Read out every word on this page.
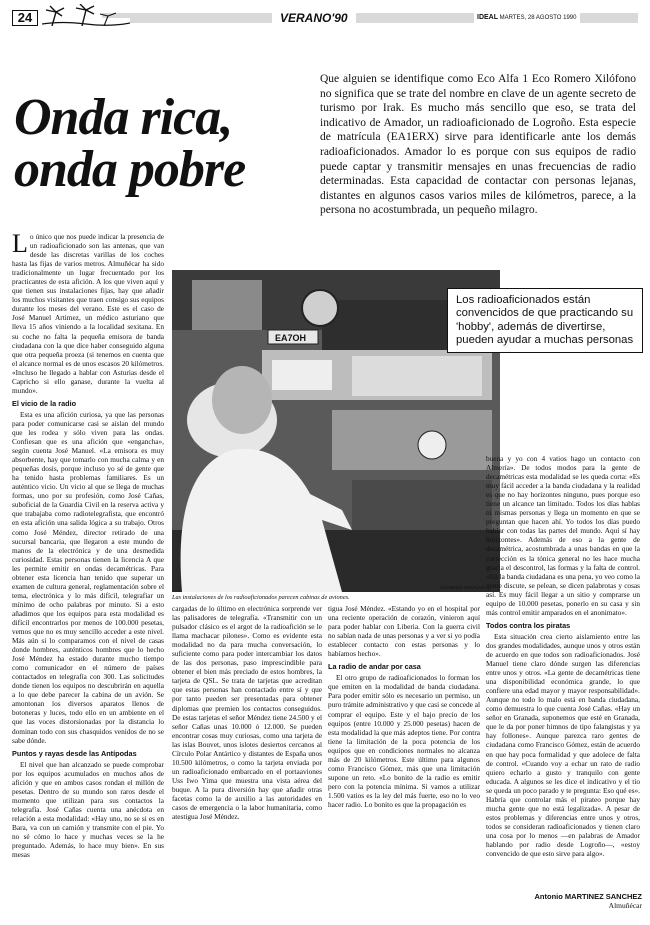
24	VERANO'90	IDEAL MARTES, 28 AGOSTO 1990
Onda rica, onda pobre

Que alguien se identifique como Eco Alfa 1 Eco Romero Xilófono no significa que se trate del nombre en clave de un agente secreto de turismo por Irak. Es mucho más sencillo que eso, se trata del indicativo de Amador, un radioaficionado de Logroño. Esta especie de matrícula (EA1ERX) sirve para identificarle ante los demás radioaficionados. Amador lo es porque con sus equipos de radio puede captar y transmitir mensajes en unas frecuencias de radio determinadas. Esta capacidad de contactar con personas lejanas, distantes en algunos casos varios miles de kilómetros, parece, a la persona no acostumbrada, un pequeño milagro.

Lo único que nos puede indicar la presencia de un radioaficionado son las antenas, que van desde las discretas varillas de los coches hasta las fijas de varios metros. Almuñécar ha sido tradicionalmente un lugar frecuentado por los practicantes de esta afición. A los que viven aquí y que tienen sus instalaciones fijas, hay que añadir los muchos visitantes que traen consigo sus equipos durante los meses del verano. Este es el caso de José Manuel Artimez, un médico asturiano que lleva 15 años viniendo a la localidad sexitana. En su coche no falta la pequeña emisora de banda ciudadana con la que dice haber conseguido alguna que otra pequeña proeza (si tenemos en cuenta que el alcance normal es de unos escasos 20 kilómetros. «Incluso he llegado a hablar con Asturias desde el Capricho si ello ganase, durante la vuelta al mundo».

El vicio de la radio

Esta es una afición curiosa, ya que las personas para poder comunicarse casi se aíslan del mundo que les rodea y sólo viven para las ondas. Confiesan que es una afición que «engancha», según cuenta José Manuel. «La emisora es muy absorbente, hay que tomarlo con mucha calma y en pequeñas dosis, porque incluso yo sé de gente que ha tenido hasta problemas familiares. Es un auténtico vicio. Un vicio al que se llega de muchas formas, uno por su profesión, como José Cañas, suboficial de la Guardia Civil en la reserva activa y que trabajaba como radiotelegrafista, que encontró en esta afición una salida lógica a su trabajo. Otros como José Méndez, director retirado de una sucursal bancaria, que llegaron a este mundo de manos de la electrónica y de una desmedida curiosidad. Estas personas tienen la licencia A que les permite emitir en ondas decamétricas. Para obtener esta licencia han tenido que superar un examen de cultura general, reglamentación sobre el tema, electrónica y lo más difícil, telegrafiar un mínimo de ocho palabras por minuto. Si a esto añadimos que los equipos para esta modalidad es difícil encontrarlos por menos de 100.000 pesetas, vemos que no es muy sencillo acceder a este nivel. Más aún si lo comparamos con el nivel de casas donde hombres, auténticos hombres que lo hecho José Méndez ha estado durante mucho tiempo como comunicador en el número de países contactados en telegrafía con 300. Las solicitudes donde tienen los equipos no descubrirán en aquella a lo que debe parecer la cabina de un avión. Se amontonan los diversos aparatos llenos de botoneras y luces, todo ello en un ambiente en el que las voces distorsionadas por la distancia lo dominan todo con sus chasquidos venidos de no se sabe dónde.

Puntos y rayas desde las Antípodas

El nivel que han alcanzado se puede comprobar por los equipos acumulados en muchos años de afición y que en ambos casos rondan el millón de pesetas. Dentro de su mundo son raros desde el momento que utilizan para sus contactos la telegrafía. José Cañas cuenta una anécdota en relación a esta modalidad: «Hay uno, no se si es en Bara, va con un camión y transmite con el pie. Yo no sé cómo lo hace y muchas veces se la he preguntado. Además, lo hace muy bien». En sus mesas

EA7OH
ALFREDO AGUILAR

Las instalaciones de los radioaficionados parecen cabinas de aviones.

Los radioaficionados están convencidos de que practicando su 'hobby', además de divertirse, pueden ayudar a muchas personas

cargadas de lo último en electrónica sorprende ver las palisadores de telegrafía. «Transmitir con un pulsador clásico es el argot de la radioafición se le llama machacar pilones». Como es evidente esta modalidad no da para mucha conversación, lo suficiente como para poder intercambiar los datos de las dos personas, paso imprescindible para obtener el bien más preciado de estos hombres, la tarjeta de QSL. Se trata de tarjetas que acreditan que estas personas han contactado entre sí y que por tanto pueden ser presentadas para obtener diplomas que premien los contactos conseguidos. De estas tarjetas el señor Méndez tiene 24.500 y el señor Cañas unas 10.000 ó 12.000. Se pueden encontrar cosas muy curiosas, como una tarjeta de las islas Bouvet, unos islotes desiertos cercanos al Círculo Polar Antártico y distantes de España unos 10.500 kilómetros, o como la tarjeta enviada por un radioaficionado embarcado en el portaaviones Uss Iwo Yima que muestra una vista aérea del buque. A la pura diversión hay que añadir otras facetas como la de auxilio a las autoridades en casos de emergencia o la labor humanitaria, como atestigua José Méndez.

tigua José Méndez. «Estando yo en el hospital por una reciente operación de corazón, vinieron aquí para poder hablar con Liberia. Con la guerra civil no sabían nada de unas personas y a ver si yo podía establecer contacto con estas personas y lo habíamos hecho».

La radio de andar por casa

El otro grupo de radioaficionados lo forman los que emiten en la modalidad de banda ciudadana. Para poder emitir sólo es necesario un permiso, un puro trámite administrativo y que casi se concede al comprar el equipo. Este y el bajo precio de los equipos (entre 10.000 y 25.000 pesetas) hacen de esta modalidad la que más adeptos tiene. Por contra tiene la limitación de la poca potencia de los equipos que en condiciones normales no alcanza más de 20 kilómetros. Este último para algunos como Francisco Gómez, más que una limitación supone un reto. «Lo bonito de la radio es emitir pero con la potencia mínima. Si vamos a utilizar 1.500 vatios es la ley del más fuerte, eso no lo veo hacer radio. Lo bonito es que la propagación es

buena y yo con 4 vatios hago un contacto con Almería». De todos modos para la gente de decamétricas esta modalidad se les queda corta: «Es muy fácil acceder a la banda ciudadana y la realidad es que no hay horizontes ninguno, pues porque eso tiene un alcance tan limitado. Todos los días hablas tú mismas personas y llega un momento en que se preguntan que hacen ahí. Yo todos los días puedo hablar con todas las partes del mundo. Aquí sí hay horizontes». Además de eso a la gente de decamétrica, acostumbrada a unas bandas en que la corrección es la tónica general no les hace mucha gracia el descontrol, las formas y la falta de control. «En la banda ciudadana es una pena, yo veo como la gente discute, se pelean, se dicen palabrotas y cosas así. Es muy fácil llegar a un sitio y comprarse un equipo de 10.000 pesetas, ponerlo en su casa y sin más control emitir amparados en el anonimato».

Todos contra los piratas

Esta situación crea cierto aislamiento entre las dos grandes modalidades, aunque unos y otros están de acuerdo en que todos son radioaficionados. José Manuel tiene claro dónde surgen las diferencias entre unos y otros. «La gente de decamétricas tiene una disponibilidad económica grande, lo que confiere una edad mayor y mayor responsabilidad». Aunque no todo lo malo está en banda ciudadana, como demuestra lo que cuenta José Cañas. «Hay un señor en Granada, suponemos que esté en Granada, que le da por poner himnos de tipo falangistas y ya hay follones». Aunque parezca raro gentes de ciudadana como Francisco Gómez, están de acuerdo en que hay poca formalidad y que adolece de falta de control. «Cuando voy a echar un rato de radio quiero echarlo a gusto y tranquilo con gente educada. A algunos se les dice el indicativo y el tío se queda un poco parado y te pregunta: Eso qué es». Habría que controlar más el pirateo porque hay mucha gente que no está legalizada». A pesar de estos problemas y diferencias entre unos y otros, todos se consideran radioaficionados y tienen claro una cosa por lo menos —en palabras de Amador hablando por radio desde Logroño—, «estoy convencido de que esto sirve para algo».

Antonio MARTINEZ SANCHEZ
Almuñécar
